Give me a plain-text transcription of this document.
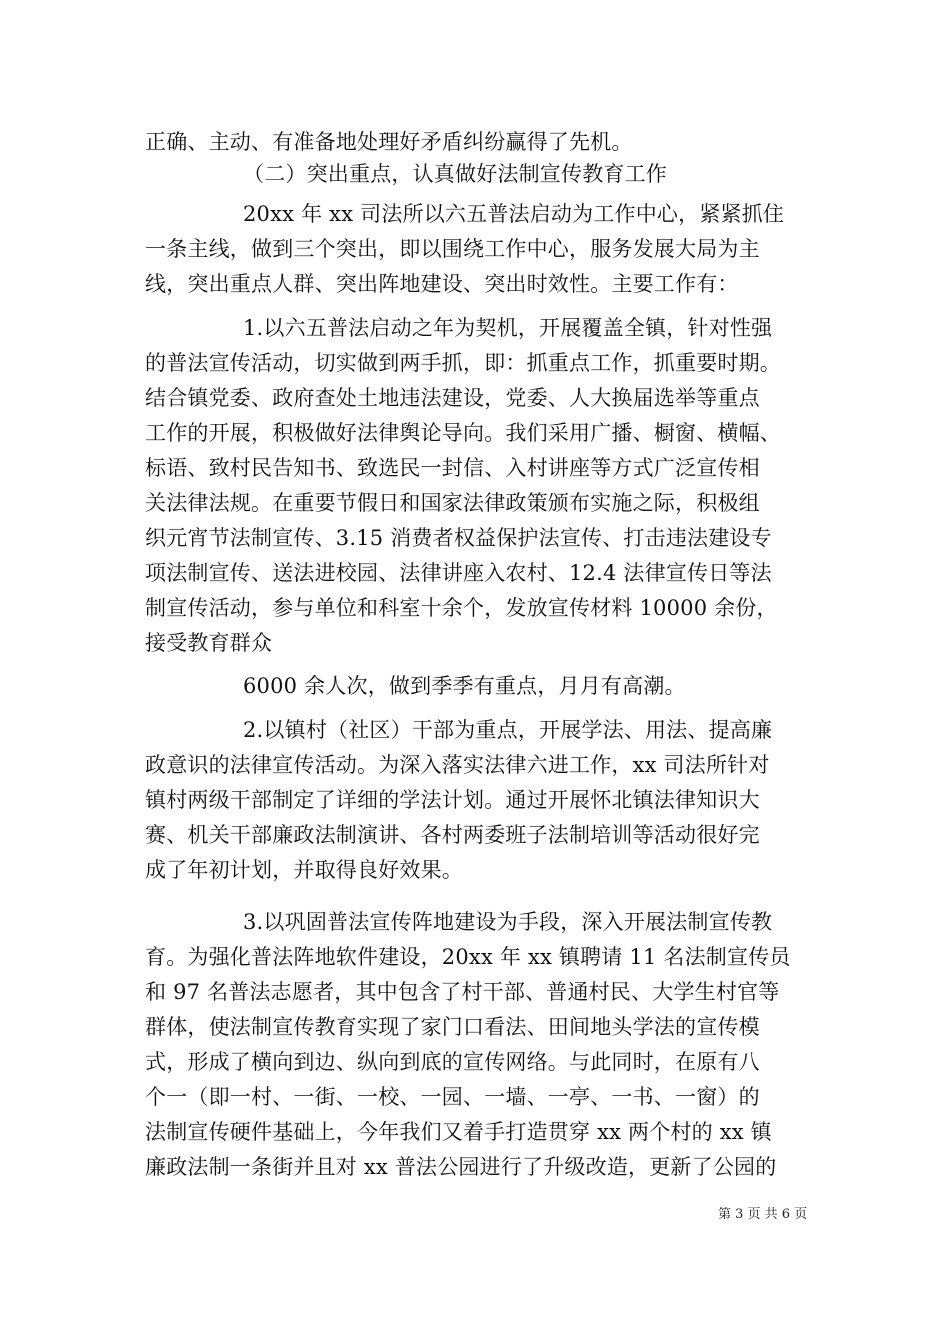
正确、主动、有准备地处理好矛盾纠纷赢得了先机。
（二）突出重点，认真做好法制宣传教育工作
20xx 年 xx 司法所以六五普法启动为工作中心，紧紧抓住
一条主线，做到三个突出，即以围绕工作中心，服务发展大局为主
线，突出重点人群、突出阵地建设、突出时效性。主要工作有：
1.以六五普法启动之年为契机，开展覆盖全镇，针对性强
的普法宣传活动，切实做到两手抓，即：抓重点工作，抓重要时期。
结合镇党委、政府查处土地违法建设，党委、人大换届选举等重点
工作的开展，积极做好法律舆论导向。我们采用广播、橱窗、横幅、
标语、致村民告知书、致选民一封信、入村讲座等方式广泛宣传相
关法律法规。在重要节假日和国家法律政策颁布实施之际，积极组
织元宵节法制宣传、3.15 消费者权益保护法宣传、打击违法建设专
项法制宣传、送法进校园、法律讲座入农村、12.4 法律宣传日等法
制宣传活动，参与单位和科室十余个，发放宣传材料 10000 余份，
接受教育群众
6000 余人次，做到季季有重点，月月有高潮。
2.以镇村（社区）干部为重点，开展学法、用法、提高廉
政意识的法律宣传活动。为深入落实法律六进工作，xx 司法所针对
镇村两级干部制定了详细的学法计划。通过开展怀北镇法律知识大
赛、机关干部廉政法制演讲、各村两委班子法制培训等活动很好完
成了年初计划，并取得良好效果。
3.以巩固普法宣传阵地建设为手段，深入开展法制宣传教
育。为强化普法阵地软件建设，20xx 年 xx 镇聘请 11 名法制宣传员
和 97 名普法志愿者，其中包含了村干部、普通村民、大学生村官等
群体，使法制宣传教育实现了家门口看法、田间地头学法的宣传模
式，形成了横向到边、纵向到底的宣传网络。与此同时，在原有八
个一（即一村、一街、一校、一园、一墙、一亭、一书、一窗）的
法制宣传硬件基础上，今年我们又着手打造贯穿 xx 两个村的 xx 镇
廉政法制一条街并且对 xx 普法公园进行了升级改造，更新了公园的
第 3 页 共 6 页
